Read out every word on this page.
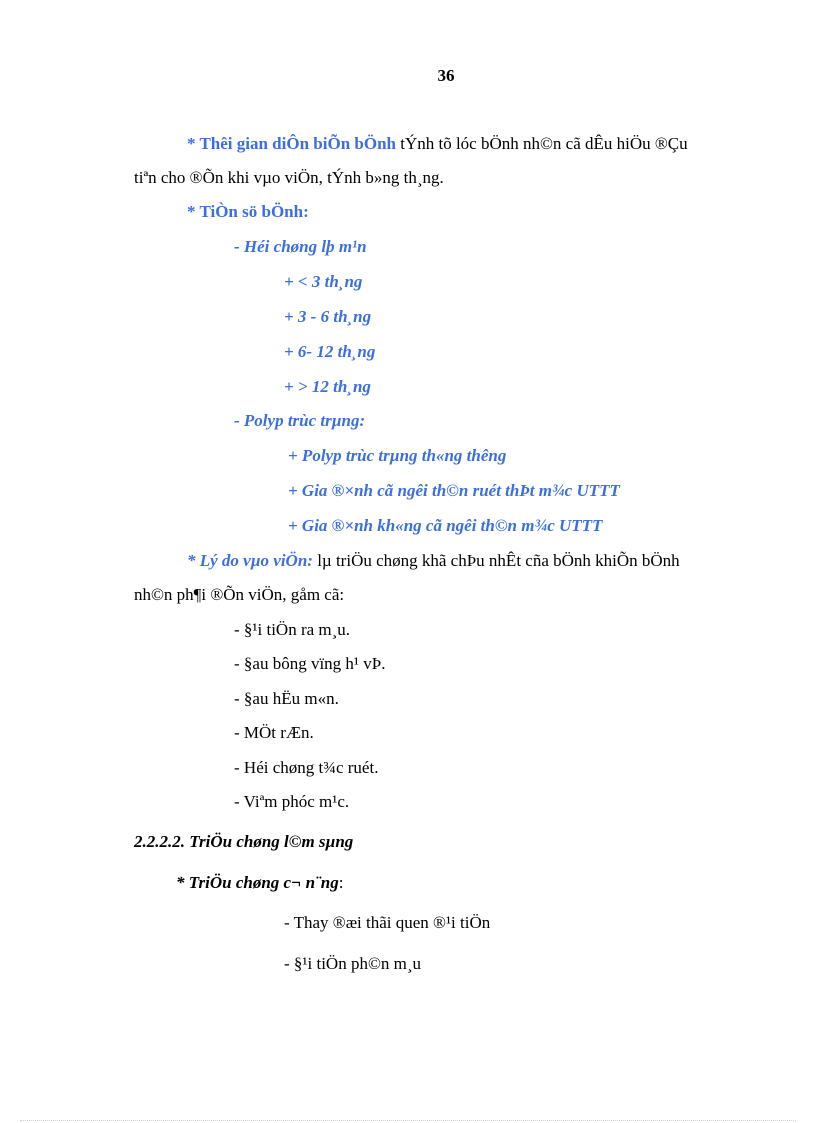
36
* Thêi gian diÔn biÕn bÖnh tÝnh tõ lóc bÖnh nh©n cã dÊu hiÖu ®Çu
tiªn cho ®Õn khi vµo viÖn, tÝnh b»ng th¸ng.
* TiÒn sö bÖnh:
- Héi chøng lþ m¹n
+ < 3 th¸ng
+ 3 - 6 th¸ng
+ 6- 12 th¸ng
+ > 12 th¸ng
- Polyp trùc trµng:
+ Polyp trùc trµng th«ng thêng
+ Gia ®×nh cã ngêi th©n ruét thÞt m¾c UTTT
+ Gia ®×nh kh«ng cã ngêi th©n m¾c UTTT
* Lý do vµo viÖn: lµ triÖu chøng khã chÞu nhÊt cña bÖnh khiÕn bÖnh
nh©n ph¶i ®Õn viÖn, gåm cã:
- §¹i tiÖn ra m¸u.
- §au bông vïng h¹ vÞ.
- §au hËu m«n.
- MÖt rÆn.
- Héi chøng t¾c ruét.
- Viªm phóc m¹c.
2.2.2.2. TriÖu chøng l©m sµng
* TriÖu chøng c¬ n¨ng:
- Thay ®æi thãi quen ®¹i tiÖn
- §¹i tiÖn ph©n m¸u
